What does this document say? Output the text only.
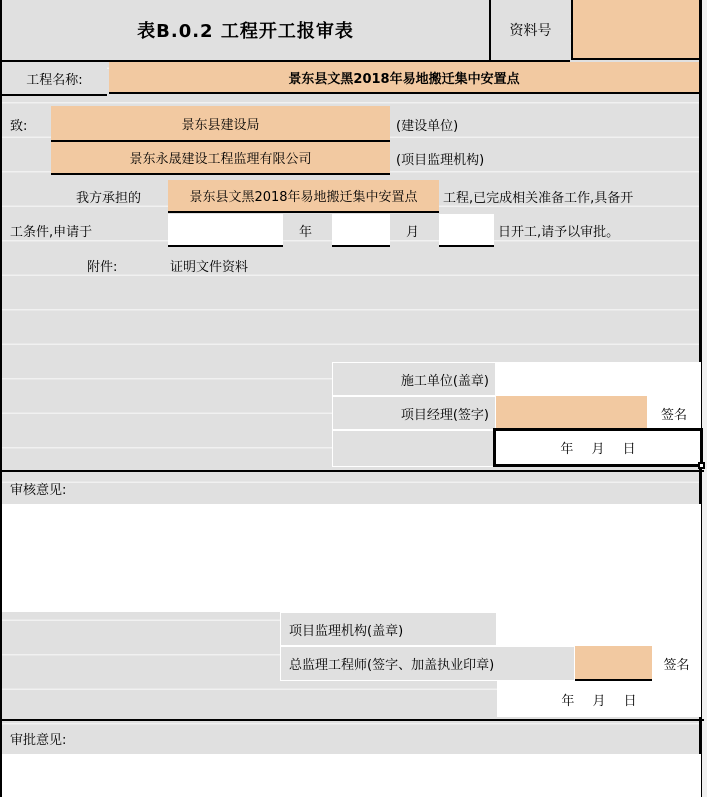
表B.0.2 工程开工报审表	资料号
工程名称:	景东县文黑2018年易地搬迁集中安置点
致:	景东县建设局	(建设单位)
景东永晟建设工程监理有限公司	(项目监理机构)
我方承担的	景东县文黑2018年易地搬迁集中安置点 工程,已完成相关准备工作,具备开
工条件,申请于	年	月	日开工,请予以审批。
附件:	证明文件资料
施工单位(盖章)
项目经理(签字)	签名
年 月 日
审核意见:
项目监理机构(盖章)
总监理工程师(签字、加盖执业印章)	签名
年 月 日
审批意见:
